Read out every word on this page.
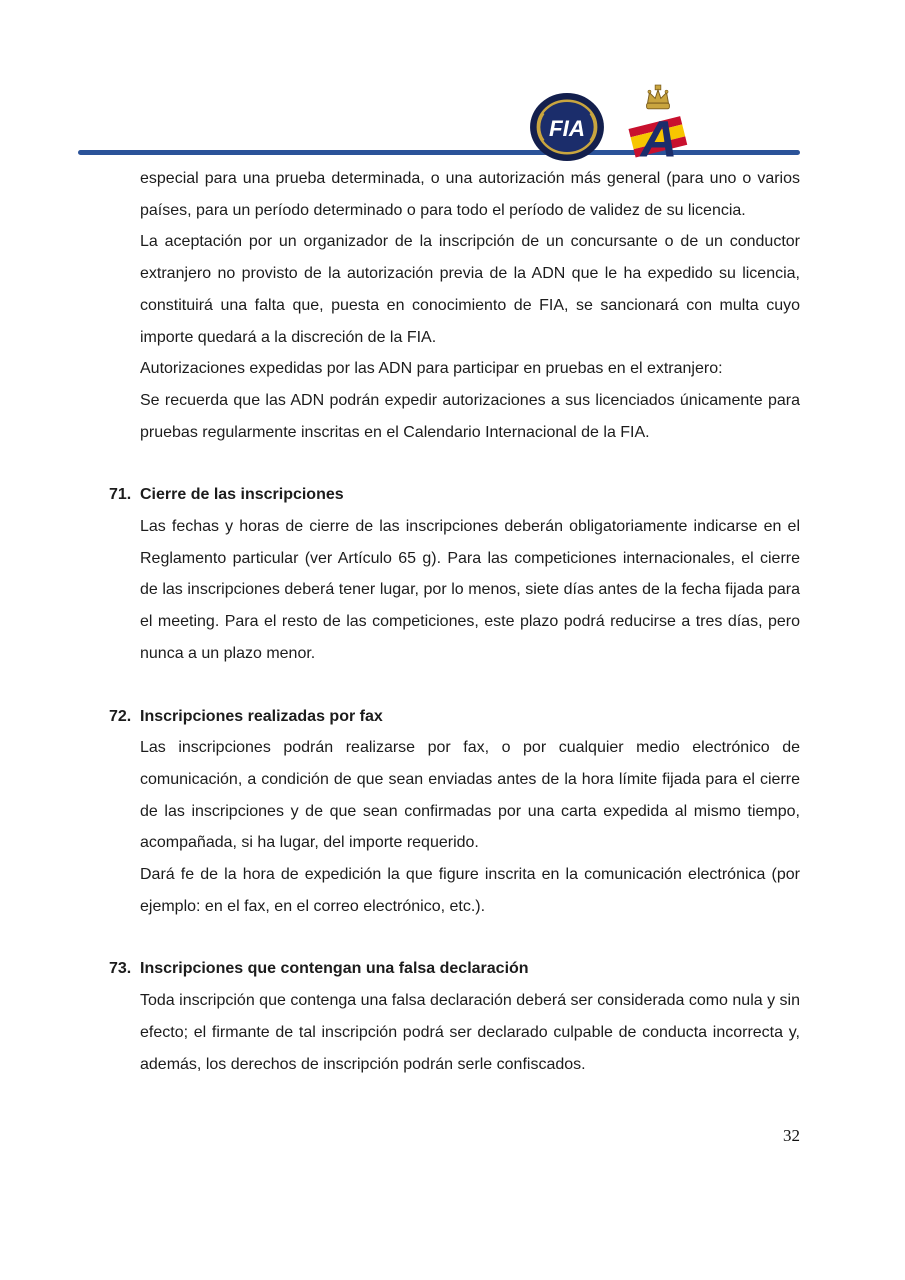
FIA A

especial para una prueba determinada, o una autorización más general (para uno o varios países, para un período determinado o para todo el período de validez de su licencia.

La aceptación por un organizador de la inscripción de un concursante o de un conductor extranjero no provisto de la autorización previa de la ADN que le ha expedido su licencia, constituirá una falta que, puesta en conocimiento de FIA, se sancionará con multa cuyo importe quedará a la discreción de la FIA.

Autorizaciones expedidas por las ADN para participar en pruebas en el extranjero:

Se recuerda que las ADN podrán expedir autorizaciones a sus licenciados únicamente para pruebas regularmente inscritas en el Calendario Internacional de la FIA.

71. Cierre de las inscripciones

Las fechas y horas de cierre de las inscripciones deberán obligatoriamente indicarse en el Reglamento particular (ver Artículo 65 g). Para las competiciones internacionales, el cierre de las inscripciones deberá tener lugar, por lo menos, siete días antes de la fecha fijada para el meeting. Para el resto de las competiciones, este plazo podrá reducirse a tres días, pero nunca a un plazo menor.

72. Inscripciones realizadas por fax

Las inscripciones podrán realizarse por fax, o por cualquier medio electrónico de comunicación, a condición de que sean enviadas antes de la hora límite fijada para el cierre de las inscripciones y de que sean confirmadas por una carta expedida al mismo tiempo, acompañada, si ha lugar, del importe requerido.

Dará fe de la hora de expedición la que figure inscrita en la comunicación electrónica (por ejemplo: en el fax, en el correo electrónico, etc.).

73. Inscripciones que contengan una falsa declaración

Toda inscripción que contenga una falsa declaración deberá ser considerada como nula y sin efecto; el firmante de tal inscripción podrá ser declarado culpable de conducta incorrecta y, además, los derechos de inscripción podrán serle confiscados.

32
